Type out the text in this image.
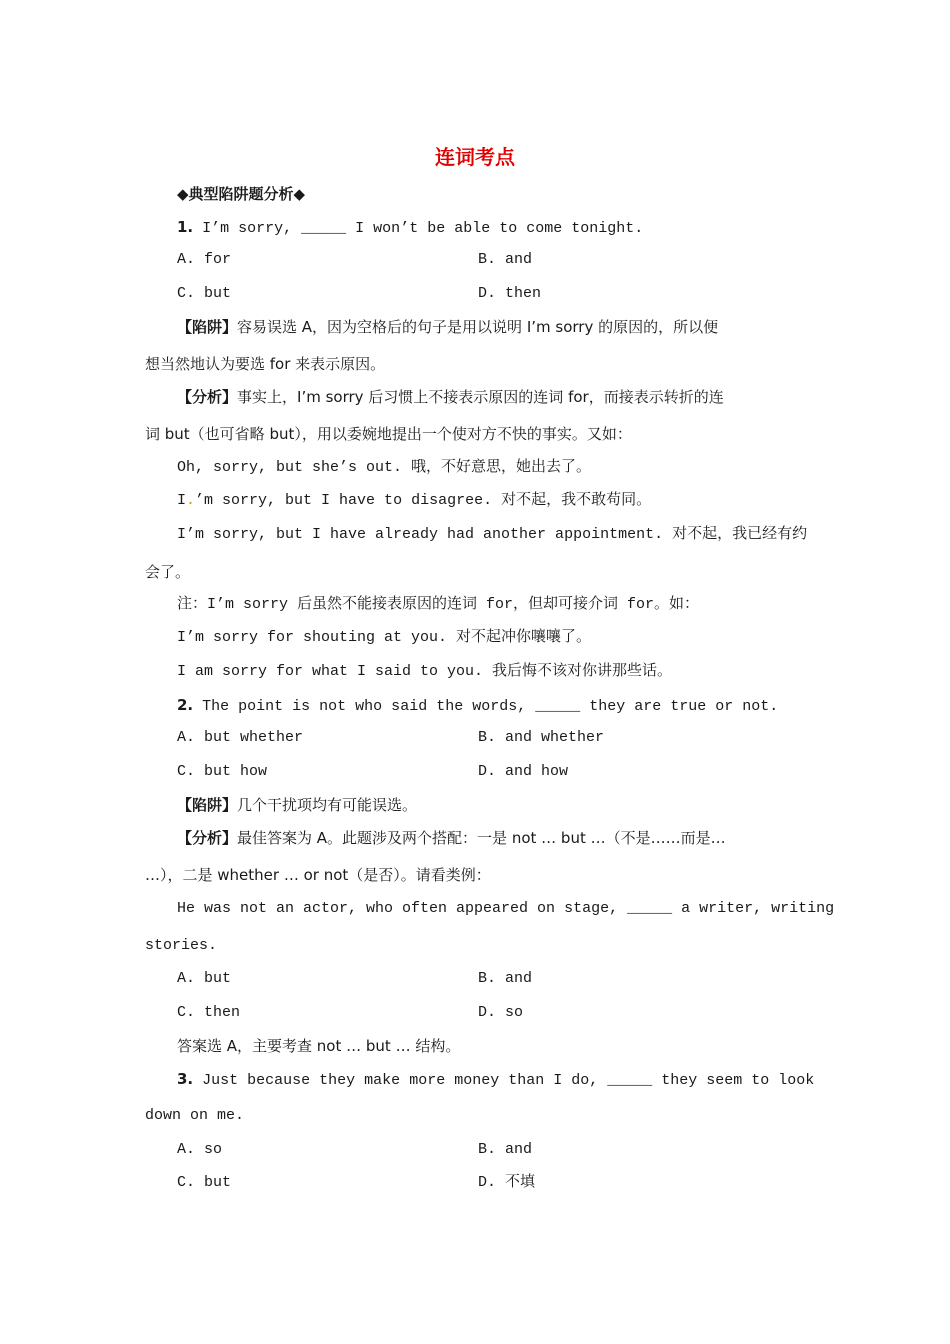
连词考点
◆典型陷阱题分析◆
1. I’m sorry, _____ I won’t be able to come tonight.
A. for	B. and
C. but	D. then
【陷阱】容易误选 A，因为空格后的句子是用以说明 I’m sorry 的原因的，所以便
想当然地认为要选 for 来表示原因。
【分析】事实上，I’m sorry 后习惯上不接表示原因的连词 for，而接表示转折的连
词 but（也可省略 but），用以委婉地提出一个使对方不快的事实。又如：
Oh, sorry, but she’s out. 哦，不好意思，她出去了。
I.’m sorry, but I have to disagree. 对不起，我不敢苟同。
I’m sorry, but I have already had another appointment. 对不起，我已经有约
会了。
注：I’m sorry 后虽然不能接表原因的连词 for，但却可接介词 for。如：
I’m sorry for shouting at you. 对不起冲你嚷嚷了。
I am sorry for what I said to you. 我后悔不该对你讲那些话。
2. The point is not who said the words, _____ they are true or not.
A. but whether	B. and whether
C. but how	D. and how
【陷阱】几个干扰项均有可能误选。
【分析】最佳答案为 A。此题涉及两个搭配：一是 not … but …（不是……而是…
…），二是 whether … or not（是否）。请看类例：
He was not an actor, who often appeared on stage, _____ a writer, writing
stories.
A. but	B. and
C. then	D. so
答案选 A，主要考查 not … but … 结构。
3. Just because they make more money than I do, _____ they seem to look
down on me.
A. so	B. and
C. but	D. 不填
